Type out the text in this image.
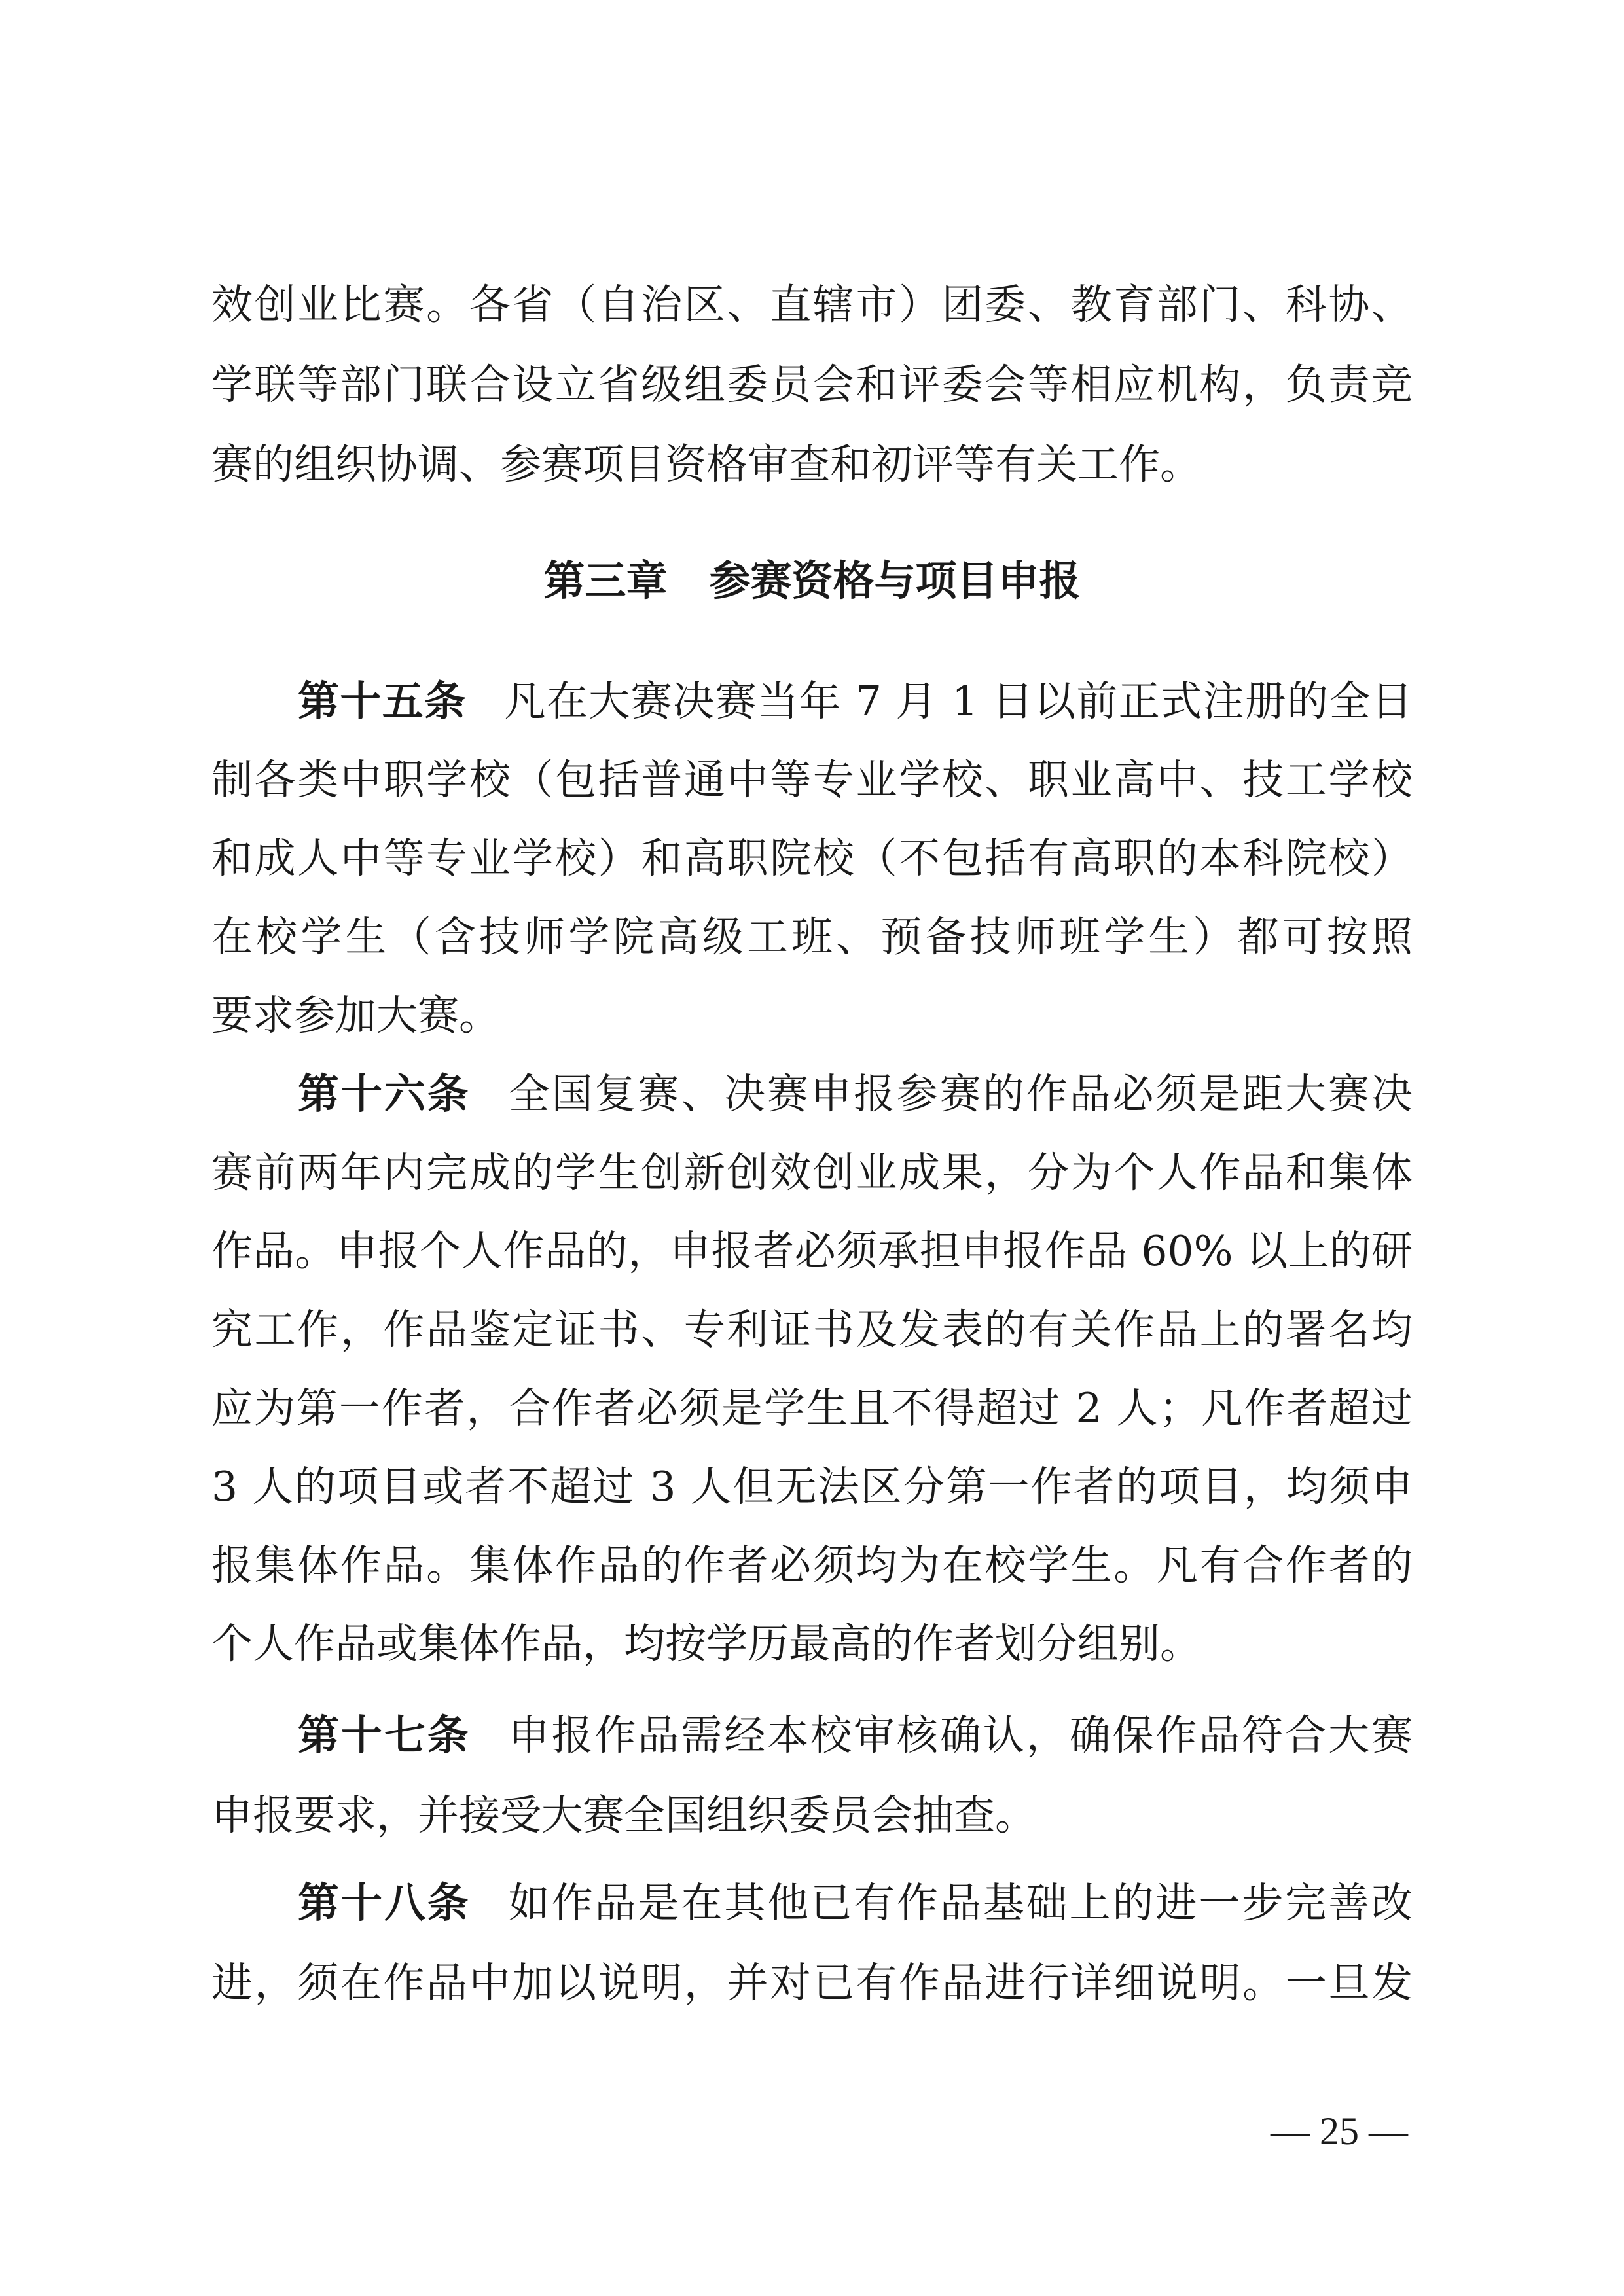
效创业比赛。各省（自治区、直辖市）团委、教育部门、科协、
学联等部门联合设立省级组委员会和评委会等相应机构，负责竞
赛的组织协调、参赛项目资格审查和初评等有关工作。
第三章 参赛资格与项目申报
第十五条 凡在大赛决赛当年 7 月 1 日以前正式注册的全日
制各类中职学校（包括普通中等专业学校、职业高中、技工学校
和成人中等专业学校）和高职院校（不包括有高职的本科院校）
在校学生（含技师学院高级工班、预备技师班学生）都可按照
要求参加大赛。
第十六条 全国复赛、决赛申报参赛的作品必须是距大赛决
赛前两年内完成的学生创新创效创业成果，分为个人作品和集体
作品。申报个人作品的，申报者必须承担申报作品 60% 以上的研
究工作，作品鉴定证书、专利证书及发表的有关作品上的署名均
应为第一作者，合作者必须是学生且不得超过 2 人；凡作者超过
3 人的项目或者不超过 3 人但无法区分第一作者的项目，均须申
报集体作品。集体作品的作者必须均为在校学生。凡有合作者的
个人作品或集体作品，均按学历最高的作者划分组别。
第十七条 申报作品需经本校审核确认，确保作品符合大赛
申报要求，并接受大赛全国组织委员会抽查。
第十八条 如作品是在其他已有作品基础上的进一步完善改
进，须在作品中加以说明，并对已有作品进行详细说明。一旦发
— 25 —
